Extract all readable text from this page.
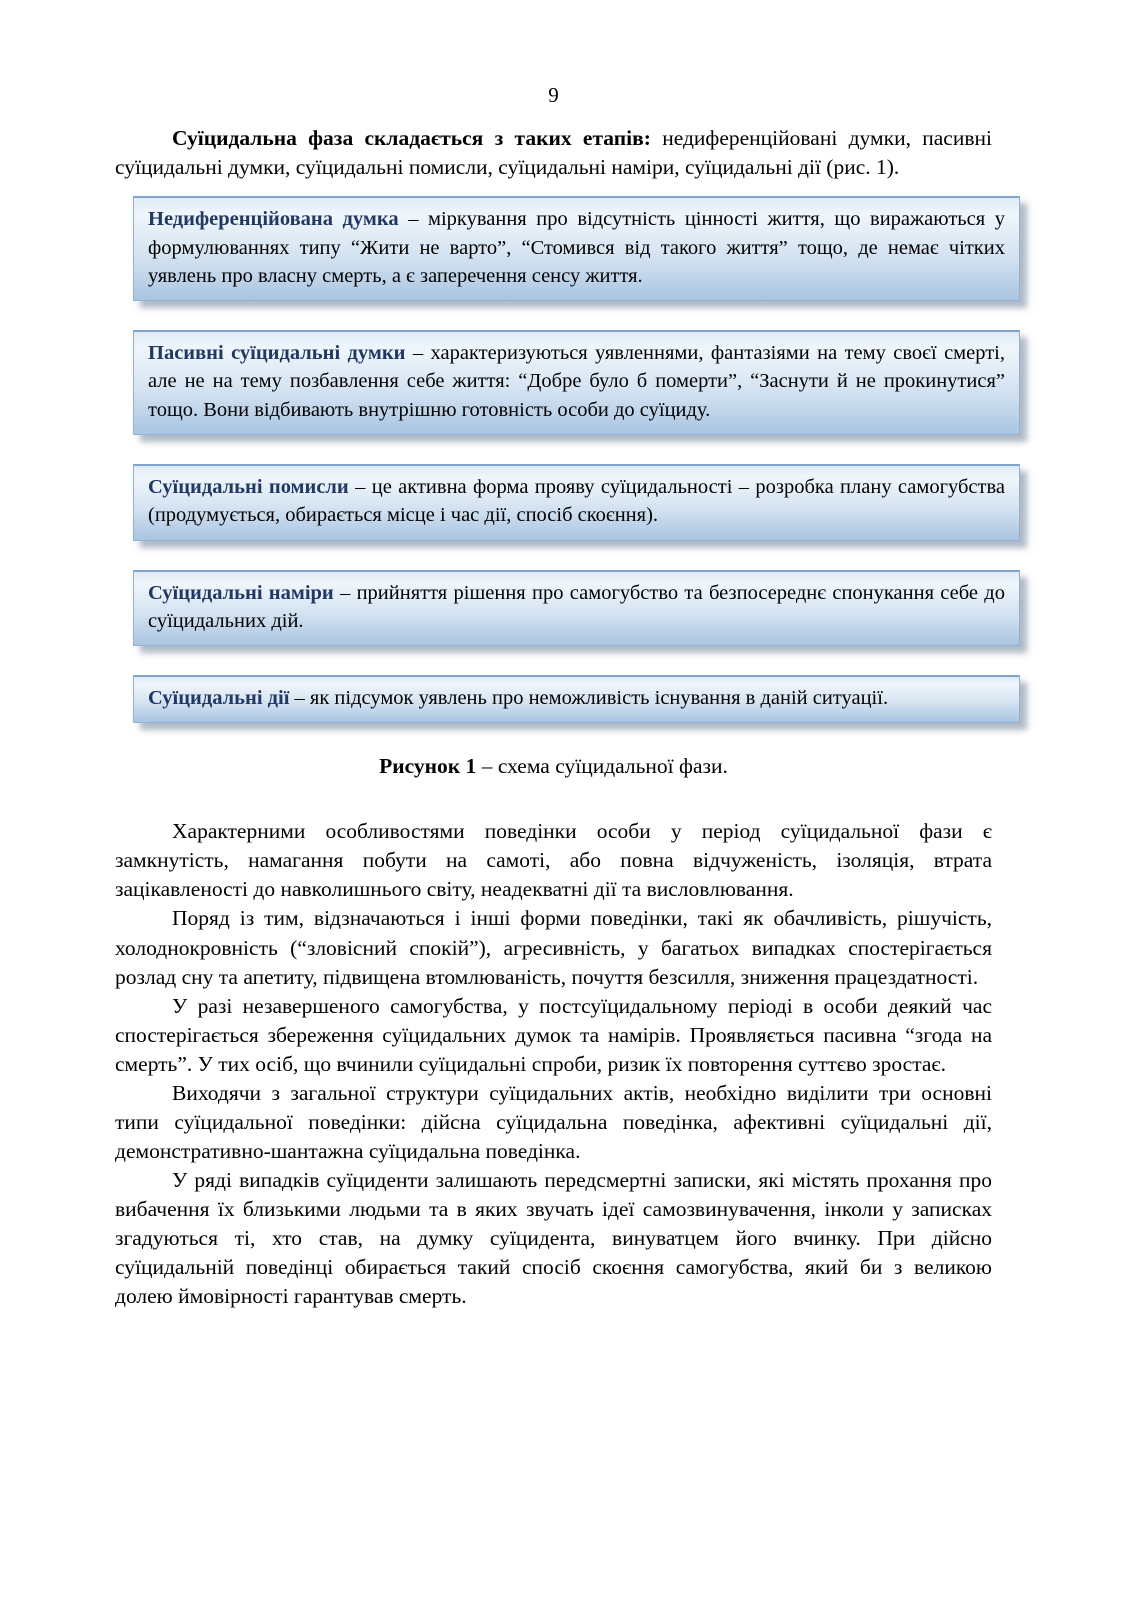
9

Суїцидальна фаза складається з таких етапів: недиференційовані думки, пасивні суїцидальні думки, суїцидальні помисли, суїцидальні наміри, суїцидальні дії (рис. 1).

Недиференційована думка – міркування про відсутність цінності життя, що виражаються у формулюваннях типу “Жити не варто”, “Стомився від такого життя” тощо, де немає чітких уявлень про власну смерть, а є заперечення сенсу життя.
Пасивні суїцидальні думки – характеризуються уявленнями, фантазіями на тему своєї смерті, але не на тему позбавлення себе життя: “Добре було б померти”, “Заснути й не прокинутися” тощо. Вони відбивають внутрішню готовність особи до суїциду.
Суїцидальні помисли – це активна форма прояву суїцидальності – розробка плану самогубства (продумується, обирається місце і час дії, спосіб скоєння).
Суїцидальні наміри – прийняття рішення про самогубство та безпосереднє спонукання себе до суїцидальних дій.
Суїцидальні дії – як підсумок уявлень про неможливість існування в даній ситуації.

Рисунок 1 – схема суїцидальної фази.

Характерними особливостями поведінки особи у період суїцидальної фази є замкнутість, намагання побути на самоті, або повна відчуженість, ізоляція, втрата зацікавленості до навколишнього світу, неадекватні дії та висловлювання.

Поряд із тим, відзначаються і інші форми поведінки, такі як обачливість, рішучість, холоднокровність (“зловісний спокій”), агресивність, у багатьох випадках спостерігається розлад сну та апетиту, підвищена втомлюваність, почуття безсилля, зниження працездатності.

У разі незавершеного самогубства, у постсуїцидальному періоді в особи деякий час спостерігається збереження суїцидальних думок та намірів. Проявляється пасивна “згода на смерть”. У тих осіб, що вчинили суїцидальні спроби, ризик їх повторення суттєво зростає.

Виходячи з загальної структури суїцидальних актів, необхідно виділити три основні типи суїцидальної поведінки: дійсна суїцидальна поведінка, афективні суїцидальні дії, демонстративно-шантажна суїцидальна поведінка.

У ряді випадків суїциденти залишають передсмертні записки, які містять прохання про вибачення їх близькими людьми та в яких звучать ідеї самозвинувачення, інколи у записках згадуються ті, хто став, на думку суїцидента, винуватцем його вчинку. При дійсно суїцидальній поведінці обирається такий спосіб скоєння самогубства, який би з великою долею ймовірності гарантував смерть.
